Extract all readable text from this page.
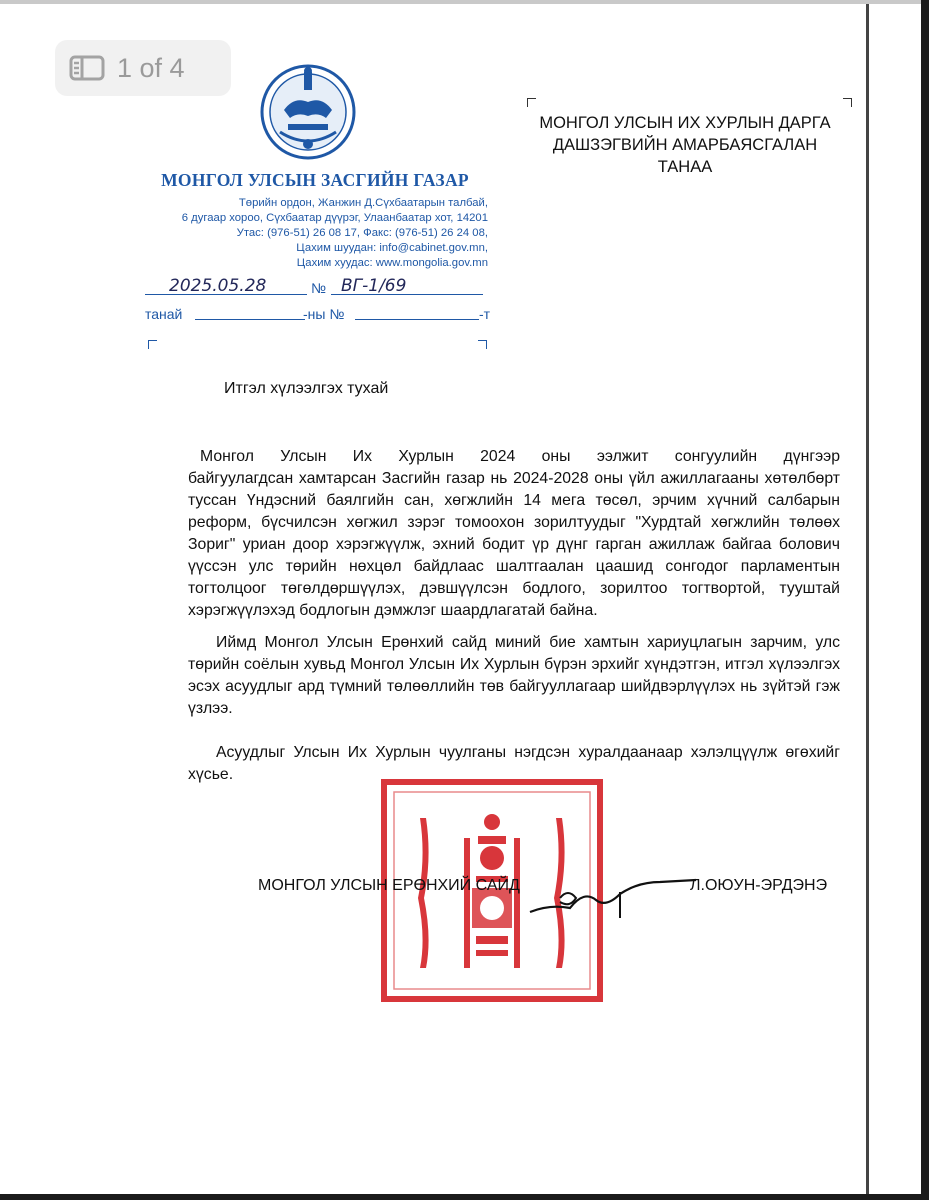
1 of 4
МОНГОЛ УЛСЫН ЗАСГИЙН ГАЗАР
Төрийн ордон, Жанжин Д.Сүхбаатарын талбай,
6 дугаар хороо, Сүхбаатар дүүрэг, Улаанбаатар хот, 14201
Утас: (976-51) 26 08 17, Факс: (976-51) 26 24 08,
Цахим шуудан: info@cabinet.gov.mn,
Цахим хуудас: www.mongolia.gov.mn
2025.05.28	№ ВГ-1/69
танай	-ны №	-т
МОНГОЛ УЛСЫН ИХ ХУРЛЫН ДАРГА
ДАШЗЭГВИЙН АМАРБАЯСГАЛАН
ТАНАА
Итгэл хүлээлгэх тухай
Монгол Улсын Их Хурлын 2024 оны ээлжит сонгуулийн дүнгээр
байгуулагдсан хамтарсан Засгийн газар нь 2024-2028 оны үйл ажиллагааны хөтөлбөрт туссан Үндэсний баялгийн сан, хөгжлийн 14 мега төсөл, эрчим хүчний салбарын реформ, бүсчилсэн хөгжил зэрэг томоохон зорилтуудыг "Хурдтай хөгжлийн төлөөх Зориг" уриан доор хэрэгжүүлж, эхний бодит үр дүнг гарган ажиллаж байгаа болович үүссэн улс төрийн нөхцөл байдлаас шалтгаалан цаашид сонгодог парламентын тогтолцоог төгөлдөршүүлэх, дэвшүүлсэн бодлого, зорилтоо тогтвортой, тууштай хэрэгжүүлэхэд бодлогын дэмжлэг шаардлагатай байна.
Иймд Монгол Улсын Ерөнхий сайд миний бие хамтын хариуцлагын зарчим, улс төрийн соёлын хувьд Монгол Улсын Их Хурлын бүрэн эрхийг хүндэтгэн, итгэл хүлээлгэх эсэх асуудлыг ард түмний төлөөллийн төв байгууллагаар шийдвэрлүүлэх нь зүйтэй гэж үзлээ.
Асуудлыг Улсын Их Хурлын чуулганы нэгдсэн хуралдаанаар хэлэлцүүлж өгөхийг хүсье.
МОНГОЛ УЛСЫН ЕРӨНХИЙ САЙД	Л.ОЮУН-ЭРДЭНЭ
